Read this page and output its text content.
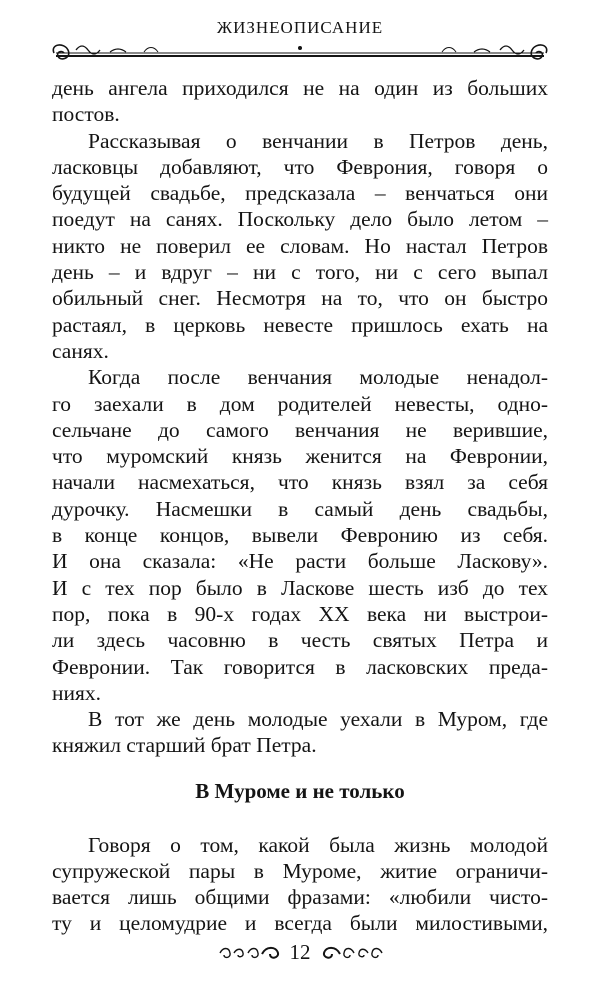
ЖИЗНЕОПИСАНИЕ

день ангела приходился не на один из больших
постов.

Рассказывая о венчании в Петров день,
ласковцы добавляют, что Феврония, говоря о
будущей свадьбе, предсказала – венчаться они
поедут на санях. Поскольку дело было летом –
никто не поверил ее словам. Но настал Петров
день – и вдруг – ни с того, ни с сего выпал
обильный снег. Несмотря на то, что он быстро
растаял, в церковь невесте пришлось ехать на
санях.

Когда после венчания молодые ненадол-
го заехали в дом родителей невесты, одно-
сельчане до самого венчания не верившие,
что муромский князь женится на Февронии,
начали насмехаться, что князь взял за себя
дурочку. Насмешки в самый день свадьбы,
в конце концов, вывели Февронию из себя.
И она сказала: «Не расти больше Ласкову».
И с тех пор было в Ласкове шесть изб до тех
пор, пока в 90-х годах XX века ни выстрои-
ли здесь часовню в честь святых Петра и
Февронии. Так говорится в ласковских преда-
ниях.

В тот же день молодые уехали в Муром, где
княжил старший брат Петра.

В Муроме и не только

Говоря о том, какой была жизнь молодой
супружеской пары в Муроме, житие ограничи-
вается лишь общими фразами: «любили чисто-
ту и целомудрие и всегда были милостивыми,

12
